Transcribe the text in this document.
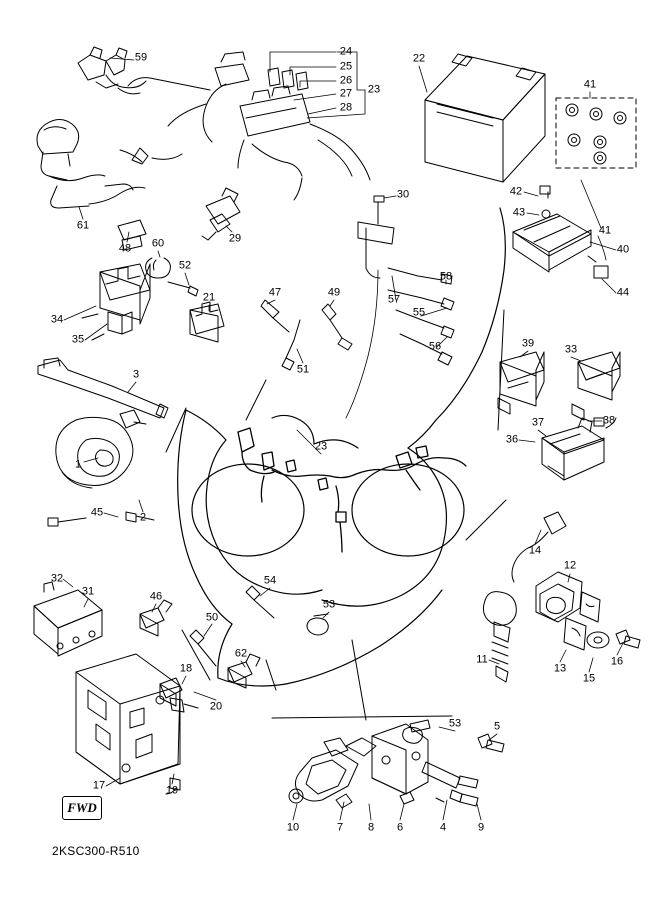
59	24
25
26
27 23
28
22
41
42
43
41
40
44
30
61
48 60	29
52
21	47	49
58
57
55
56
34
35
51
39	33
3
37	38
36
23
1
2
45
14
12
32
31	46
50
54
53
11
13
15
16
18
62
20
17	19
53	5
10	7 8 6	4	9
FWD
2KSC300-R510
